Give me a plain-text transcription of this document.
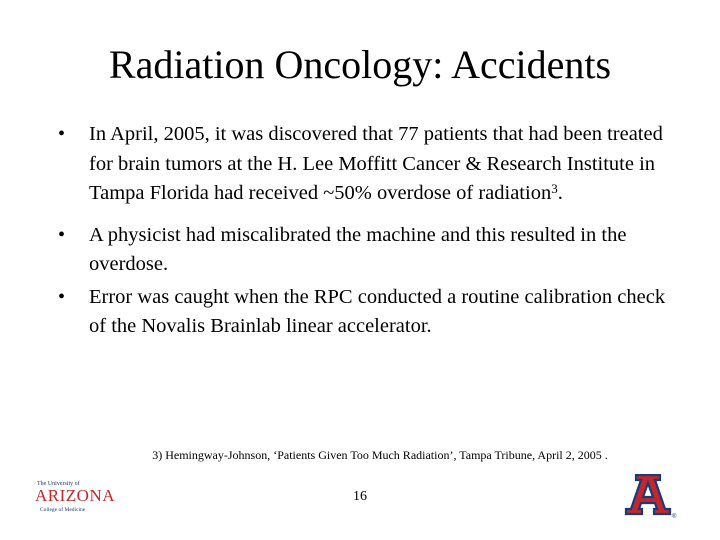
Radiation Oncology: Accidents
• In April, 2005, it was discovered that 77 patients that had been treated for brain tumors at the H. Lee Moffitt Cancer & Research Institute in Tampa Florida had received ~50% overdose of radiation$^3$.
• A physicist had miscalibrated the machine and this resulted in the overdose.
• Error was caught when the RPC conducted a routine calibration check of the Novalis Brainlab linear accelerator.
3) Hemingway-Johnson, ‘Patients Given Too Much Radiation’, Tampa Tribune, April 2, 2005 .
The University of
ARIZONA
College of Medicine
16
®
